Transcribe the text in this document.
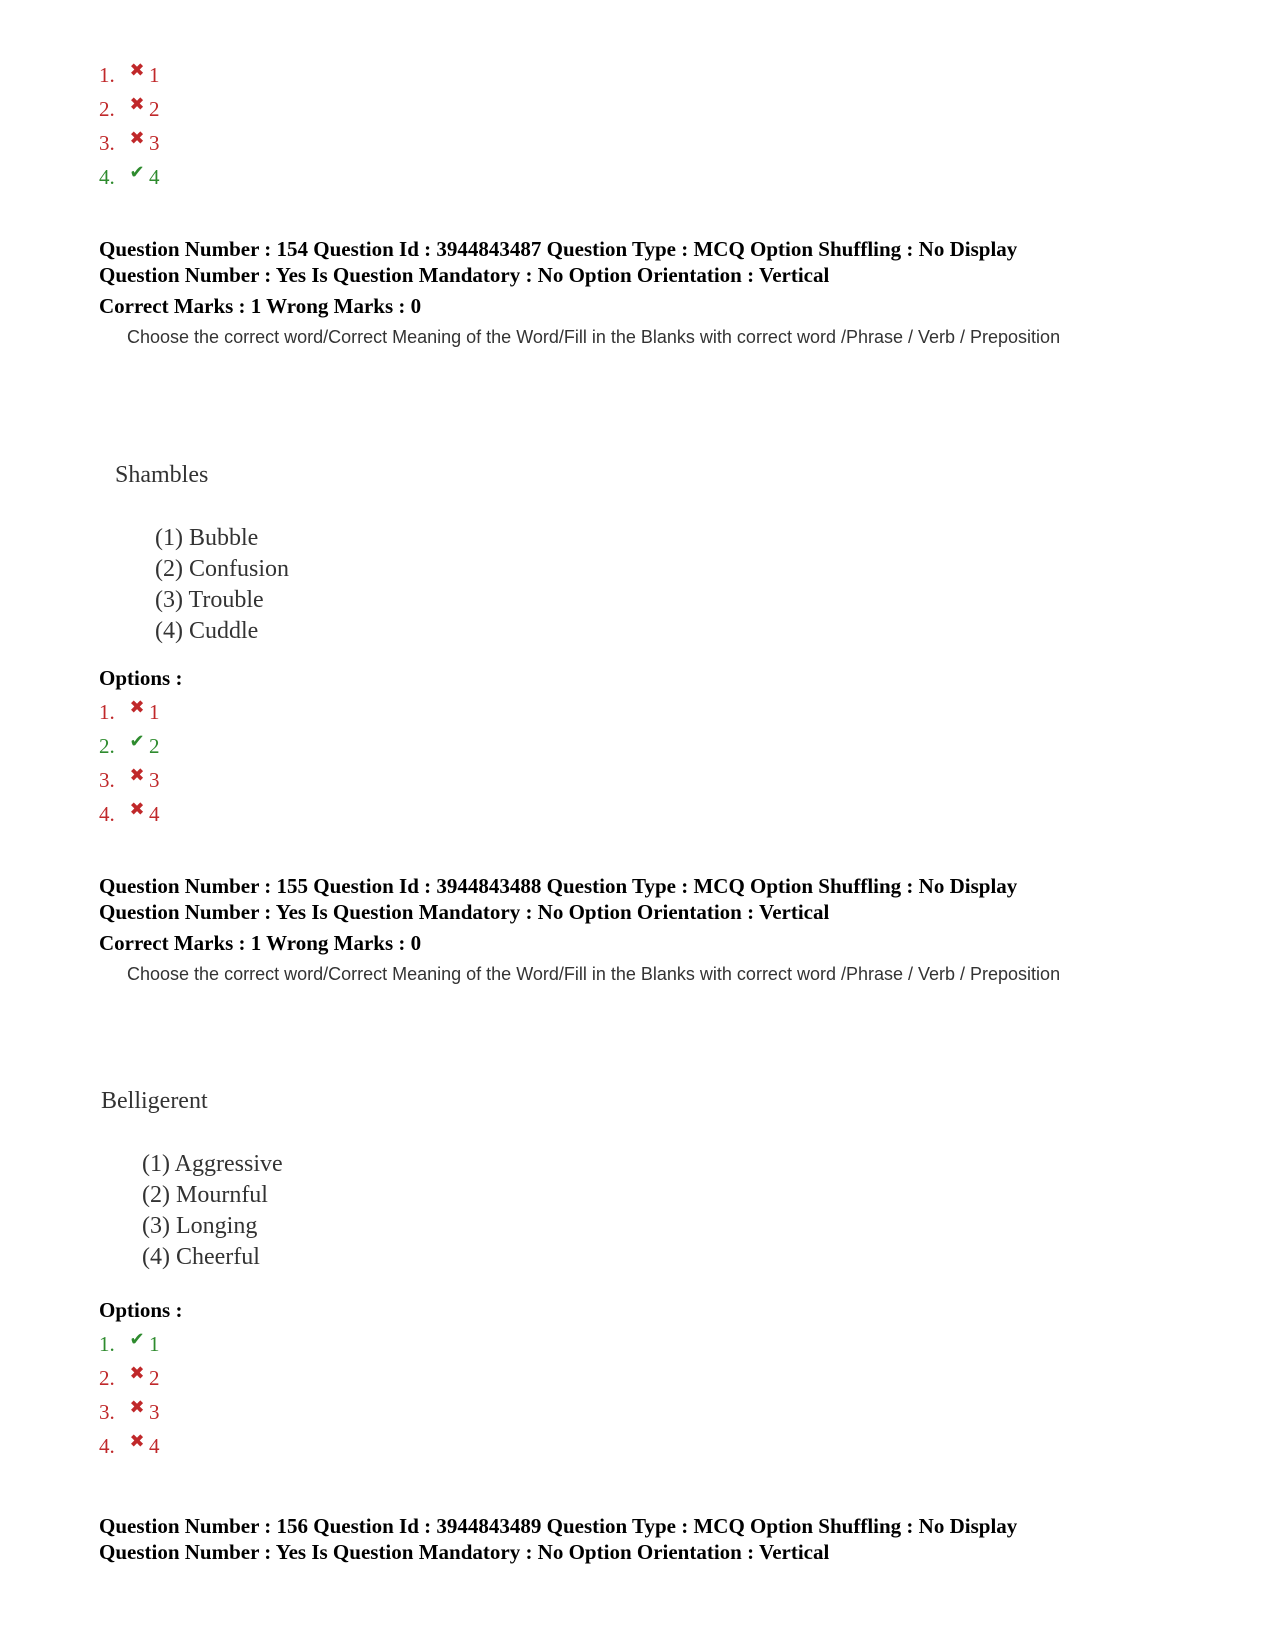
1. ✖ 1
2. ✖ 2
3. ✖ 3
4. ✔ 4
Question Number : 154 Question Id : 3944843487 Question Type : MCQ Option Shuffling : No Display
Question Number : Yes Is Question Mandatory : No Option Orientation : Vertical
Correct Marks : 1 Wrong Marks : 0
Choose the correct word/Correct Meaning of the Word/Fill in the Blanks with correct word /Phrase / Verb / Preposition
Shambles
(1) Bubble
(2) Confusion
(3) Trouble
(4) Cuddle
Options :
1. ✖ 1
2. ✔ 2
3. ✖ 3
4. ✖ 4
Question Number : 155 Question Id : 3944843488 Question Type : MCQ Option Shuffling : No Display
Question Number : Yes Is Question Mandatory : No Option Orientation : Vertical
Correct Marks : 1 Wrong Marks : 0
Choose the correct word/Correct Meaning of the Word/Fill in the Blanks with correct word /Phrase / Verb / Preposition
Belligerent
(1) Aggressive
(2) Mournful
(3) Longing
(4) Cheerful
Options :
1. ✔ 1
2. ✖ 2
3. ✖ 3
4. ✖ 4
Question Number : 156 Question Id : 3944843489 Question Type : MCQ Option Shuffling : No Display
Question Number : Yes Is Question Mandatory : No Option Orientation : Vertical
